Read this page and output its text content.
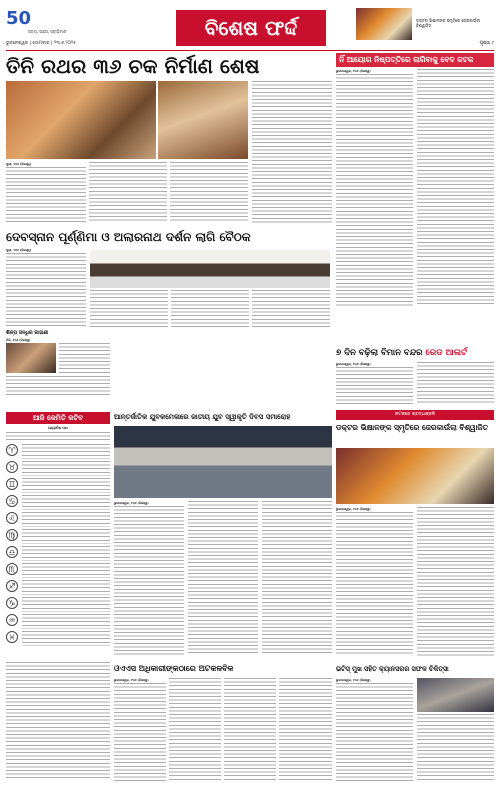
50
ସତ୍ୟ, ସାହସ, ସ୍ବାଭିମାନ
ଭୁବନେଶ୍ୱର | ସୋମବାର | ୨୩.୬.୨୦୨୫
ବିଶେଷ ଫର୍ଦ୍ଦ	ଡକ୍ଟର ଭିକ୍ଷାଳଙ୍କ ସ୍ମୃତିରେ ଜେରକାଉଁଲା ବିଶ୍ୱାଜିତ
ପୃଷ୍ଠା ୯
ତିନି ରଥର ୩୬ ଚକ ନିର୍ମାଣ ଶେଷ
ପୁରୀ, ୨୨ା୬ (ନିଜସ୍ୱ)
ନିଁ ଆୟୋଗ ନିଷ୍ପତ୍ତିରେ ଲାଗିବାକୁ ବେଦ କଟକ
ଭୁବନେଶ୍ୱର, ୨୨ା୬ (ନିଜସ୍ୱ)
ଦେବସ୍ନାନ ପୂର୍ଣ୍ଣିମା ଓ ଅଲାରନାଥ ଦର୍ଶନ ଲାଗି ବୈଠକ
ପୁରୀ, ୨୨ା୬ (ନିଜସ୍ୱ)
୭ ଦିନ ବଢ଼ିଲା ବିମାନ ବନ୍ଦର ରେଡ ଆଲର୍ଟ
ଭୁବନେଶ୍ୱର, ୨୨ା୬ (ନିଜସ୍ୱ)
ଶିଳ୍ପ ସନ୍ଧିର କାହାଣୀ
ମିରି, ୨୨ା୬ (ନିଜସ୍ୱ)
ଆଜି କେମିତି କଟିବ
ଜ୍ୟୋତିଷ ପାଠ
♈
♉
♊
♋
♌
♍
♎
♏
♐
♑
♒
♓
ଆନ୍ତର୍ଜାତିକ ଯୁବକମେଳାରେ ଜାତୀୟ ଯୁବ ସ୍ୱୀକୃତି ଦିବସ ସମାରୋହ
ଭୁବନେଶ୍ୱର, ୨୨ା୬ (ନିଜସ୍ୱ)
କଟକରେ ଶ୍ରଦ୍ଧାଞ୍ଜଳି
ଡକ୍ଟର ଭିକ୍ଷାଳଙ୍କ ସ୍ମୃତିରେ ଜେରକାଉଁଲା ବିଶ୍ୱାଜିତ
ଭୁବନେଶ୍ୱର, ୨୨ା୬ (ନିଜସ୍ୱ)
ଓଏଏସ ଅଧିକାରୀଙ୍କଠାରେ ଅଟକଳବିଳ
ଭୁବନେଶ୍ୱର, ୨୨ା୬ (ନିଜସ୍ୱ)
ଭଟିସ୍ ମୁଖ ସହିତ କ୍ୟାନସରର ସଫଳ ଚିକିତ୍ସା
ଭୁବନେଶ୍ୱର, ୨୨ା୬ (ନିଜସ୍ୱ)
